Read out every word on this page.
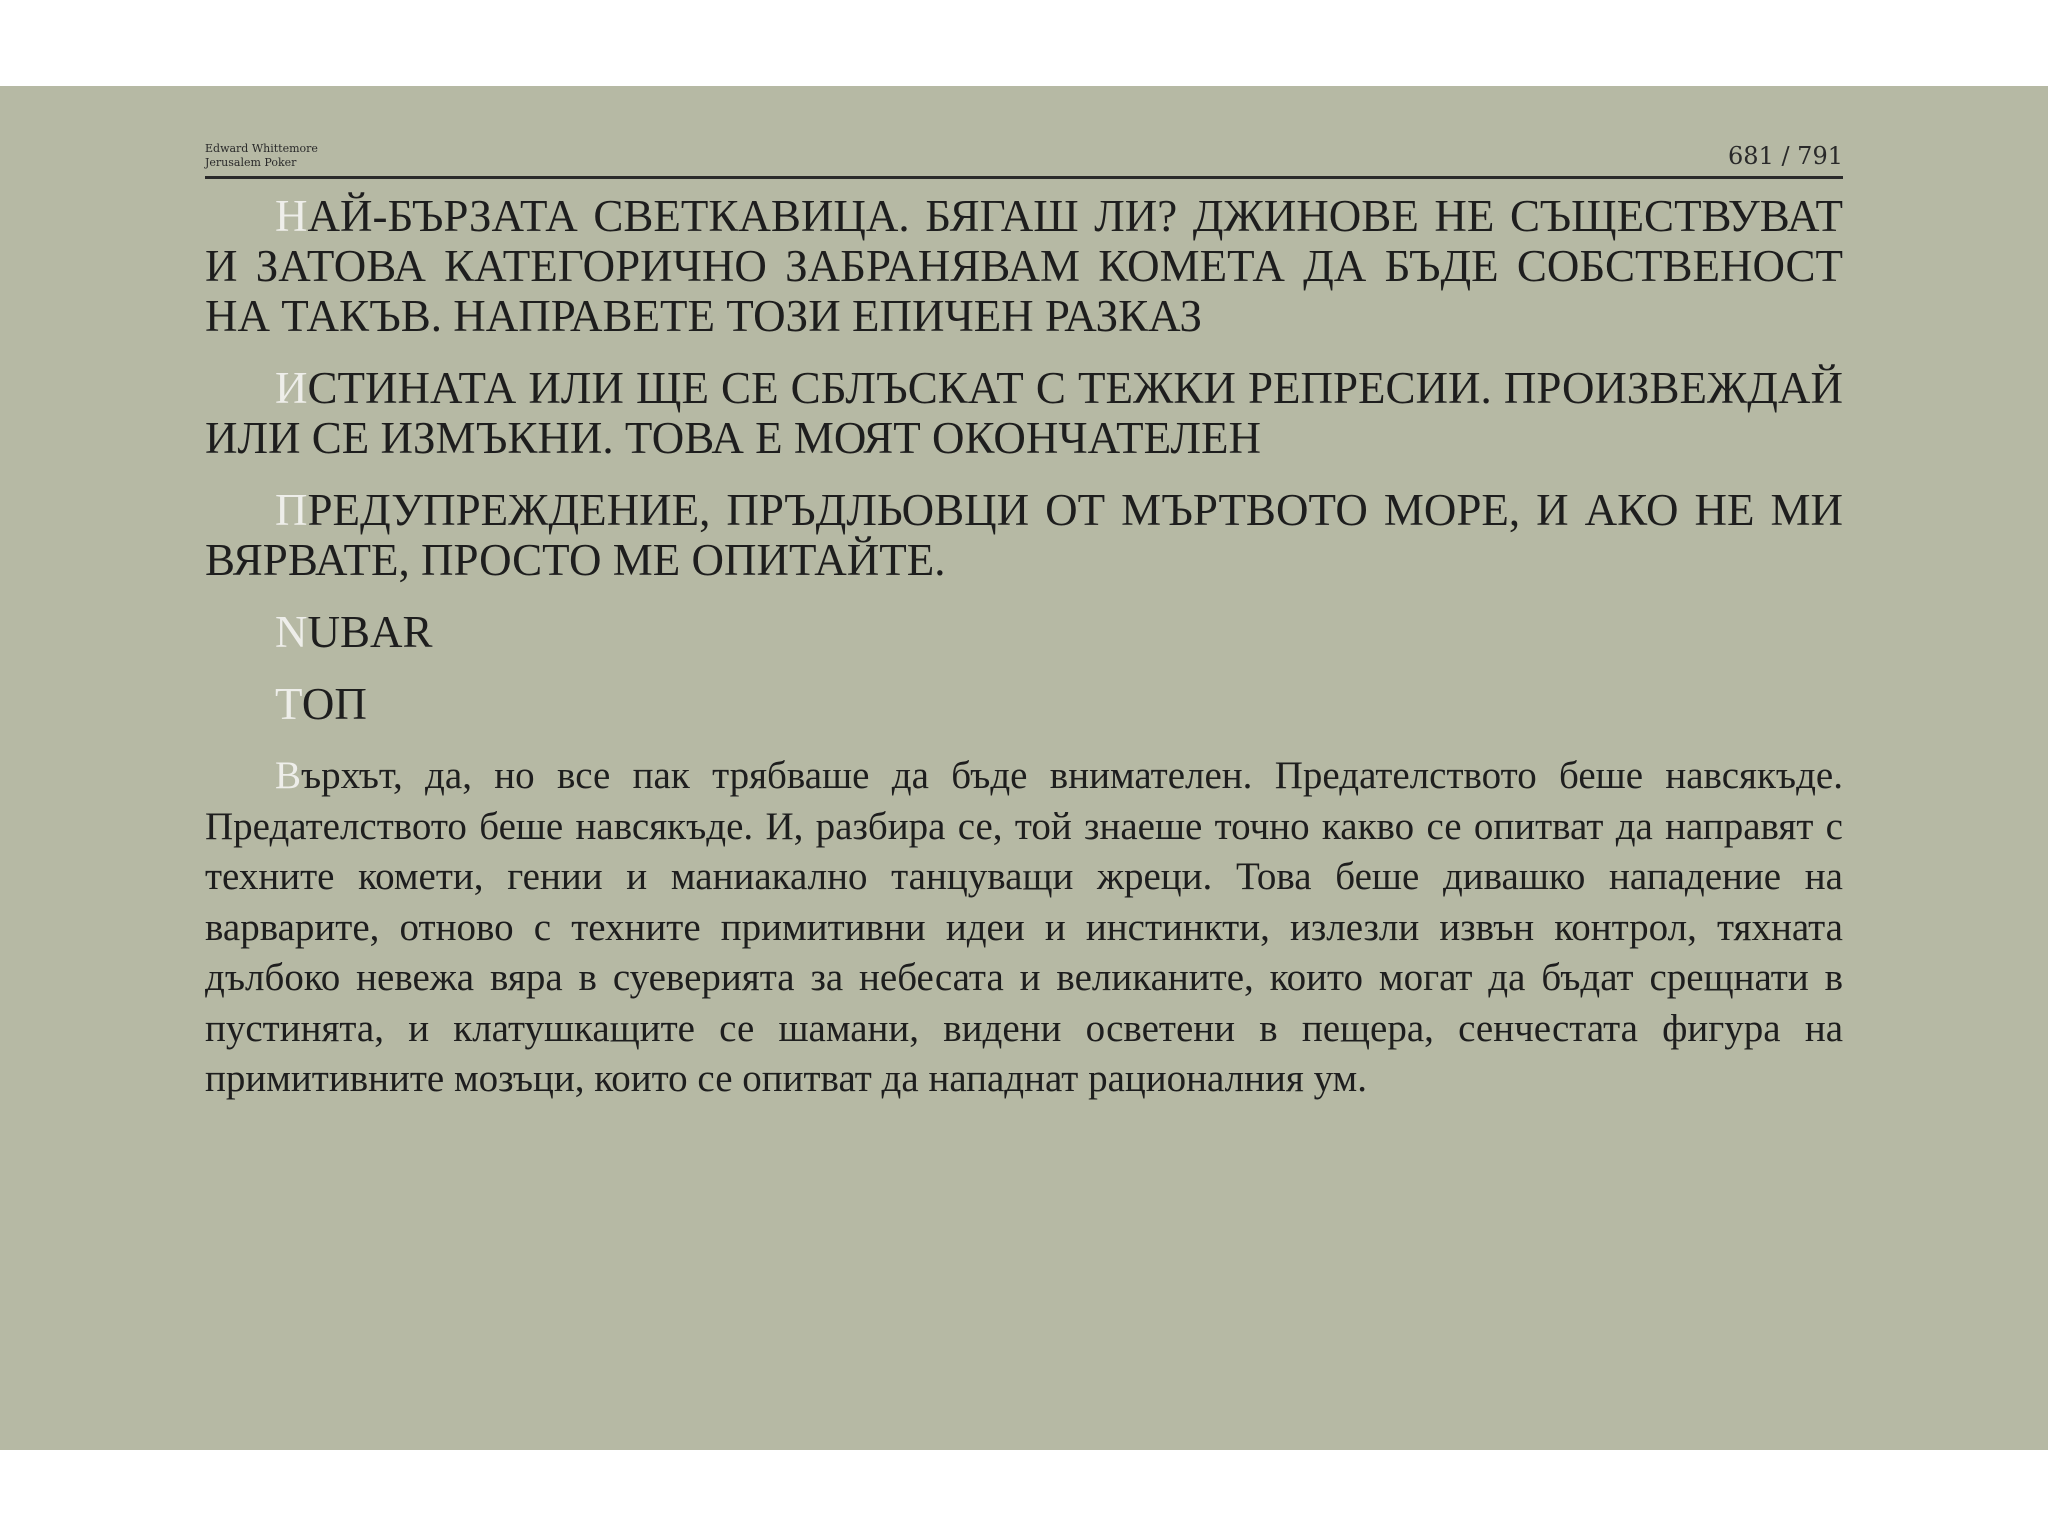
Edward Whittemore
Jerusalem Poker	681 / 791

НАЙ-БЪРЗАТА СВЕТКАВИЦА. БЯГАШ ЛИ? ДЖИНОВЕ НЕ СЪЩЕСТВУВАТ И ЗАТОВА КАТЕГОРИЧНО ЗАБРАНЯВАМ КОМЕТА ДА БЪДЕ СОБСТВЕНОСТ НА ТАКЪВ. НАПРАВЕТЕ ТОЗИ ЕПИЧЕН РАЗКАЗ

ИСТИНАТА ИЛИ ЩЕ СЕ СБЛЪСКАТ С ТЕЖКИ РЕПРЕСИИ. ПРОИЗВЕЖДАЙ ИЛИ СЕ ИЗМЪКНИ. ТОВА Е МОЯТ ОКОНЧАТЕЛЕН

ПРЕДУПРЕЖДЕНИЕ, ПРЪДЛЬОВЦИ ОТ МЪРТВОТО МОРЕ, И АКО НЕ МИ ВЯРВАТЕ, ПРОСТО МЕ ОПИТАЙТЕ.

NUBAR

ТОП

Върхът, да, но все пак трябваше да бъде внимателен. Предателството беше навсякъде. Предателството беше навсякъде. И, разбира се, той знаеше точно какво се опитват да направят с техните комети, гении и маниакално танцуващи жреци. Това беше дивашко нападение на варварите, отново с техните примитивни идеи и инстинкти, излезли извън контрол, тяхната дълбоко невежа вяра в суеверията за небесата и великаните, които могат да бъдат срещнати в пустинята, и клатушкащите се шамани, видени осветени в пещера, сенчестата фигура на примитивните мозъци, които се опитват да нападнат рационалния ум.
